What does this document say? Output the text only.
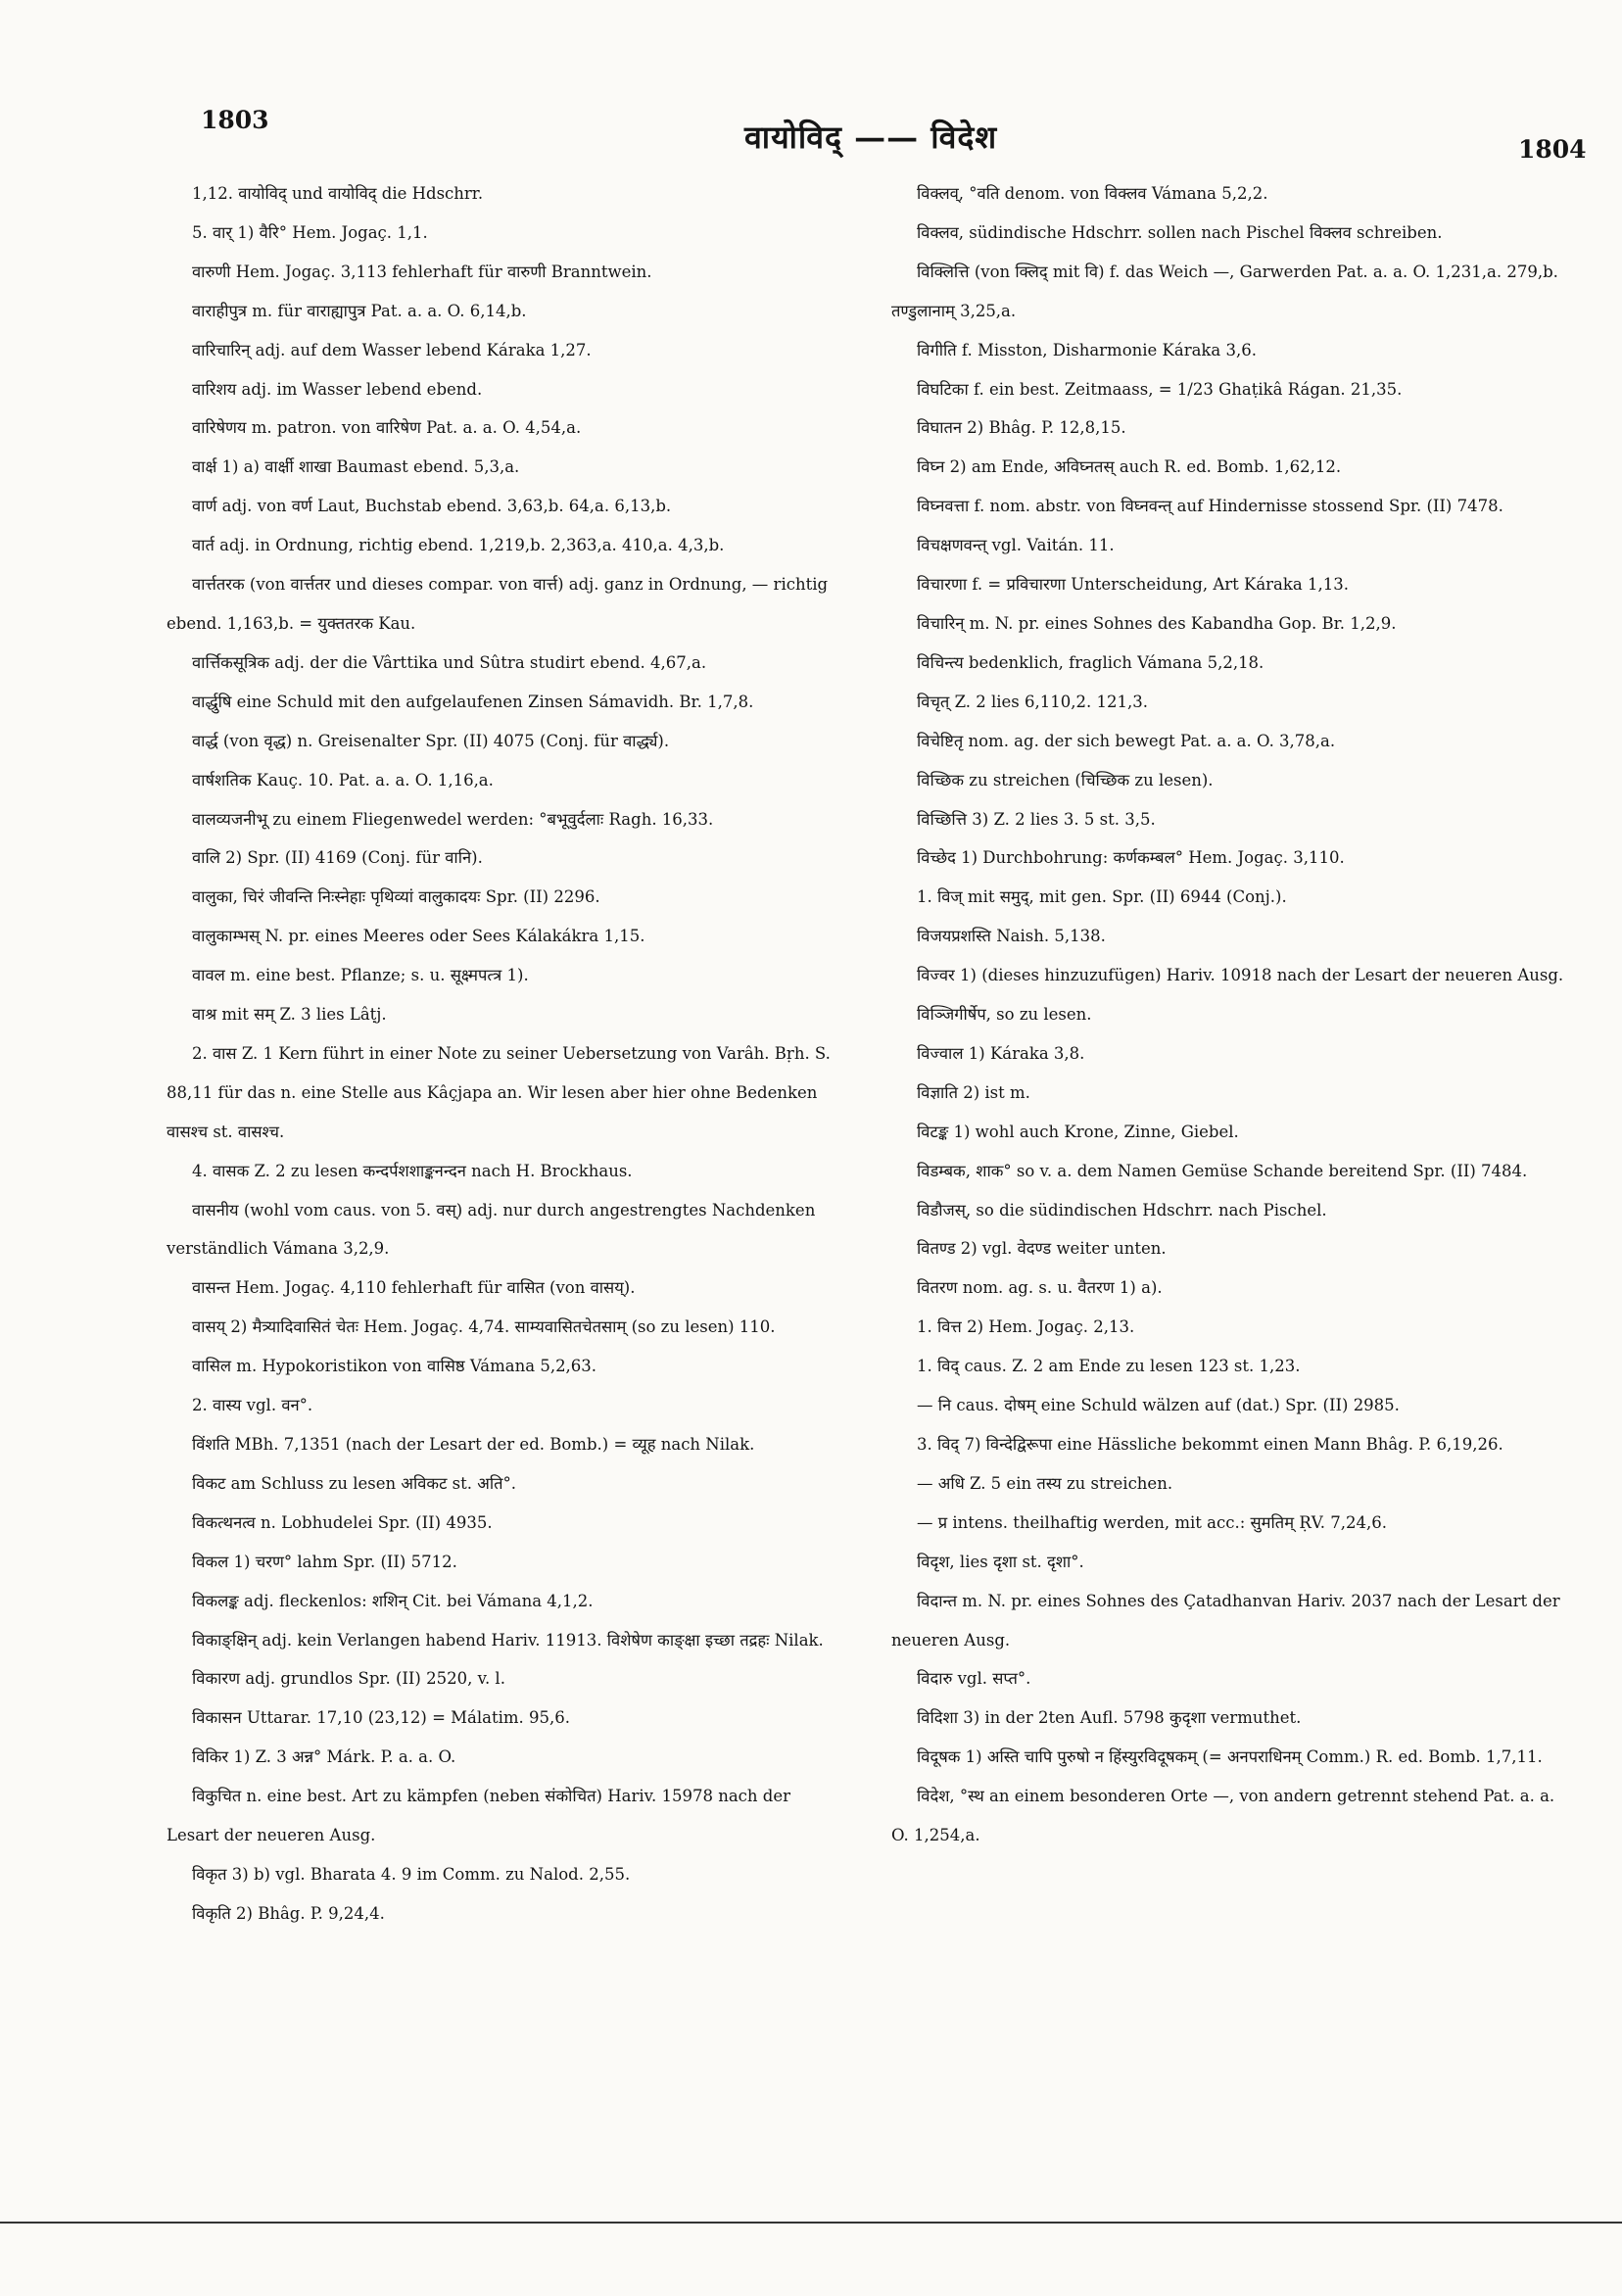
1803	वायोविद् —— विदेश	1804
1,12. वायोविद् und वायोविद् die Hdschrr.
5. वार् 1) वैरि° Hem. Jogaç. 1,1.
वारुणी Hem. Jogaç. 3,113 fehlerhaft für वारुणी Branntwein.
वाराहीपुत्र m. für वाराह्यापुत्र Pat. a. a. O. 6,14,b.
वारिचारिन् adj. auf dem Wasser lebend Káraka 1,27.
वारिशय adj. im Wasser lebend ebend.
वारिषेणय m. patron. von वारिषेण Pat. a. a. O. 4,54,a.
वार्क्ष 1) a) वार्क्षी शाखा Baumast ebend. 5,3,a.
वार्ण adj. von वर्ण Laut, Buchstab ebend. 3,63,b. 64,a. 6,13,b.
वार्त adj. in Ordnung, richtig ebend. 1,219,b. 2,363,a. 410,a. 4,3,b.
वार्त्ततरक (von वार्त्ततर und dieses compar. von वार्त्त) adj. ganz in Ordnung, — richtig ebend. 1,163,b. = युक्ततरक Kau.
वार्त्तिकसूत्रिक adj. der die Vârttika und Sûtra studirt ebend. 4,67,a.
वार्द्धुषि eine Schuld mit den aufgelaufenen Zinsen Sámavidh. Br. 1,7,8.
वार्द्ध (von वृद्ध) n. Greisenalter Spr. (II) 4075 (Conj. für वार्द्ध्य).
वार्षशतिक Kauç. 10. Pat. a. a. O. 1,16,a.
वालव्यजनीभू zu einem Fliegenwedel werden: °बभूवुर्दलाः Ragh. 16,33.
वालि 2) Spr. (II) 4169 (Conj. für वानि).
वालुका, चिरं जीवन्ति निःस्नेहाः पृथिव्यां वालुकादयः Spr. (II) 2296.
वालुकाम्भस् N. pr. eines Meeres oder Sees Kálakákra 1,15.
वावल m. eine best. Pflanze; s. u. सूक्ष्मपत्त्र 1).
वाश्र mit सम् Z. 3 lies Lâṭj.
2. वास Z. 1 Kern führt in einer Note zu seiner Uebersetzung von Varâh. Bṛh. S. 88,11 für das n. eine Stelle aus Kâçjapa an. Wir lesen aber hier ohne Bedenken वासश्च st. वासश्च.
4. वासक Z. 2 zu lesen कन्दर्पशशाङ्कनन्दन nach H. Brockhaus.
वासनीय (wohl vom caus. von 5. वस्) adj. nur durch angestrengtes Nachdenken verständlich Vámana 3,2,9.
वासन्त Hem. Jogaç. 4,110 fehlerhaft für वासित (von वासय्).
वासय् 2) मैत्र्यादिवासितं चेतः Hem. Jogaç. 4,74. साम्यवासितचेतसाम् (so zu lesen) 110.
वासिल m. Hypokoristikon von वासिष्ठ Vámana 5,2,63.
2. वास्य vgl. वन°.
विंशति MBh. 7,1351 (nach der Lesart der ed. Bomb.) = व्यूह nach Nilak.
विकट am Schluss zu lesen अविकट st. अति°.
विकत्थनत्व n. Lobhudelei Spr. (II) 4935.
विकल 1) चरण° lahm Spr. (II) 5712.
विकलङ्क adj. fleckenlos: शशिन् Cit. bei Vámana 4,1,2.
विकाङ्क्षिन् adj. kein Verlangen habend Hariv. 11913. विशेषेण काङ्क्षा इच्छा तद्रहः Nilak.
विकारण adj. grundlos Spr. (II) 2520, v. l.
विकासन Uttarar. 17,10 (23,12) = Málatim. 95,6.
विकिर 1) Z. 3 अन्न° Márk. P. a. a. O.
विकुचित n. eine best. Art zu kämpfen (neben संकोचित) Hariv. 15978 nach der Lesart der neueren Ausg.
विकृत 3) b) vgl. Bharata 4. 9 im Comm. zu Nalod. 2,55.
विकृति 2) Bhâg. P. 9,24,4.
विक्लव्, °वति denom. von विक्लव Vámana 5,2,2.
विक्लव, südindische Hdschrr. sollen nach Pischel विक्लव schreiben.
विक्लित्ति (von क्लिद् mit वि) f. das Weich —, Garwerden Pat. a. a. O. 1,231,a. 279,b. तण्डुलानाम् 3,25,a.
विगीति f. Misston, Disharmonie Káraka 3,6.
विघटिका f. ein best. Zeitmaass, = 1/23 Ghaṭikâ Rágan. 21,35.
विघातन 2) Bhâg. P. 12,8,15.
विघ्न 2) am Ende, अविघ्नतस् auch R. ed. Bomb. 1,62,12.
विघ्नवत्ता f. nom. abstr. von विघ्नवन्त् auf Hindernisse stossend Spr. (II) 7478.
विचक्षणवन्त् vgl. Vaitán. 11.
विचारणा f. = प्रविचारणा Unterscheidung, Art Káraka 1,13.
विचारिन् m. N. pr. eines Sohnes des Kabandha Gop. Br. 1,2,9.
विचिन्त्य bedenklich, fraglich Vámana 5,2,18.
विचृत् Z. 2 lies 6,110,2. 121,3.
विचेष्टितृ nom. ag. der sich bewegt Pat. a. a. O. 3,78,a.
विच्छिक zu streichen (चिच्छिक zu lesen).
विच्छित्ति 3) Z. 2 lies 3. 5 st. 3,5.
विच्छेद 1) Durchbohrung: कर्णकम्बल° Hem. Jogaç. 3,110.
1. विज् mit समुद्, mit gen. Spr. (II) 6944 (Conj.).
विजयप्रशस्ति Naish. 5,138.
विज्वर 1) (dieses hinzuzufügen) Hariv. 10918 nach der Lesart der neueren Ausg.
विञ्जिगीर्षेप, so zu lesen.
विज्वाल 1) Káraka 3,8.
विज्ञाति 2) ist m.
विटङ्क 1) wohl auch Krone, Zinne, Giebel.
विडम्बक, शाक° so v. a. dem Namen Gemüse Schande bereitend Spr. (II) 7484.
विडौजस्, so die südindischen Hdschrr. nach Pischel.
वितण्ड 2) vgl. वेदण्ड weiter unten.
वितरण nom. ag. s. u. वैतरण 1) a).
1. वित्त 2) Hem. Jogaç. 2,13.
1. विद् caus. Z. 2 am Ende zu lesen 123 st. 1,23.
— नि caus. दोषम् eine Schuld wälzen auf (dat.) Spr. (II) 2985.
3. विद् 7) विन्देद्विरूपा eine Hässliche bekommt einen Mann Bhâg. P. 6,19,26.
— अधि Z. 5 ein तस्य zu streichen.
— प्र intens. theilhaftig werden, mit acc.: सुमतिम् ṚV. 7,24,6.
विदृश, lies दृशा st. दृशा°.
विदान्त m. N. pr. eines Sohnes des Çatadhanvan Hariv. 2037 nach der Lesart der neueren Ausg.
विदारु vgl. सप्त°.
विदिशा 3) in der 2ten Aufl. 5798 कुदृशा vermuthet.
विदूषक 1) अस्ति चापि पुरुषो न हिंस्युरविदूषकम् (= अनपराधिनम् Comm.) R. ed. Bomb. 1,7,11.
विदेश, °स्थ an einem besonderen Orte —, von andern getrennt stehend Pat. a. a. O. 1,254,a.
